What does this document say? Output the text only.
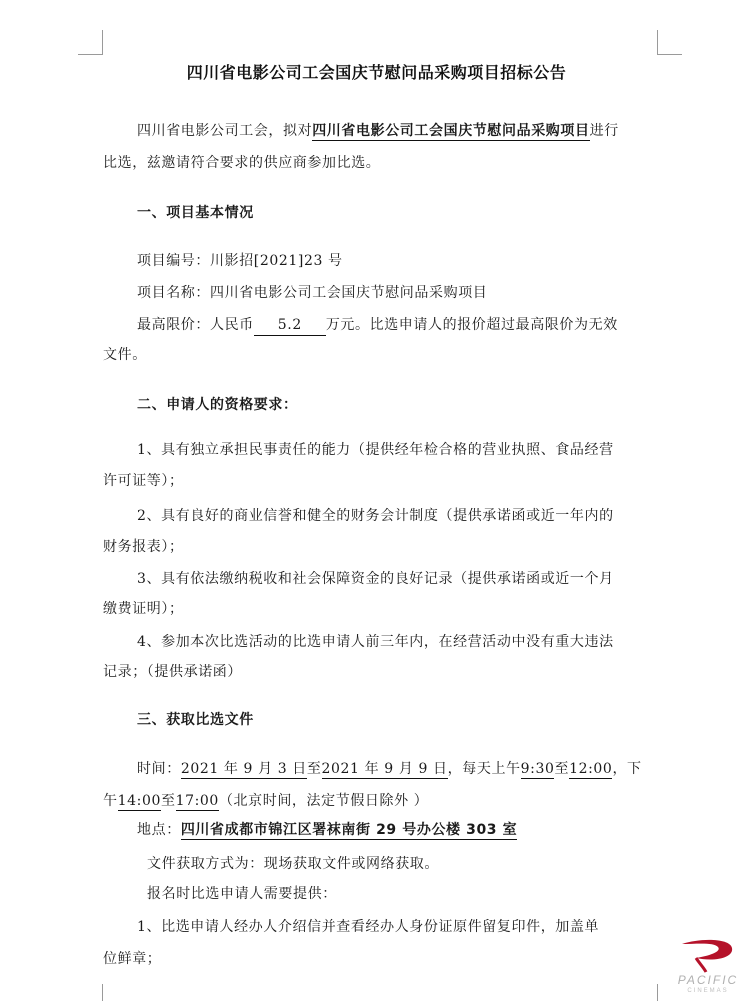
四川省电影公司工会国庆节慰问品采购项目招标公告
四川省电影公司工会，拟对四川省电影公司工会国庆节慰问品采购项目进行
比选，兹邀请符合要求的供应商参加比选。
一、项目基本情况
项目编号：川影招[2021]23 号
项目名称：四川省电影公司工会国庆节慰问品采购项目
最高限价：人民币 5.2 万元。比选申请人的报价超过最高限价为无效
文件。
二、申请人的资格要求：
1、具有独立承担民事责任的能力（提供经年检合格的营业执照、食品经营
许可证等）；
2、具有良好的商业信誉和健全的财务会计制度（提供承诺函或近一年内的
财务报表）；
3、具有依法缴纳税收和社会保障资金的良好记录（提供承诺函或近一个月
缴费证明）；
4、参加本次比选活动的比选申请人前三年内，在经营活动中没有重大违法
记录；（提供承诺函）
三、获取比选文件
时间：2021 年 9 月 3 日至2021 年 9 月 9 日，每天上午9:30至12:00，下
午14:00至17:00（北京时间，法定节假日除外 ）
地点：四川省成都市锦江区署袜南街 29 号办公楼 303 室
文件获取方式为：现场获取文件或网络获取。
报名时比选申请人需要提供：
1、比选申请人经办人介绍信并查看经办人身份证原件留复印件，加盖单
位鲜章；
PACIFIC
CINEMAS
